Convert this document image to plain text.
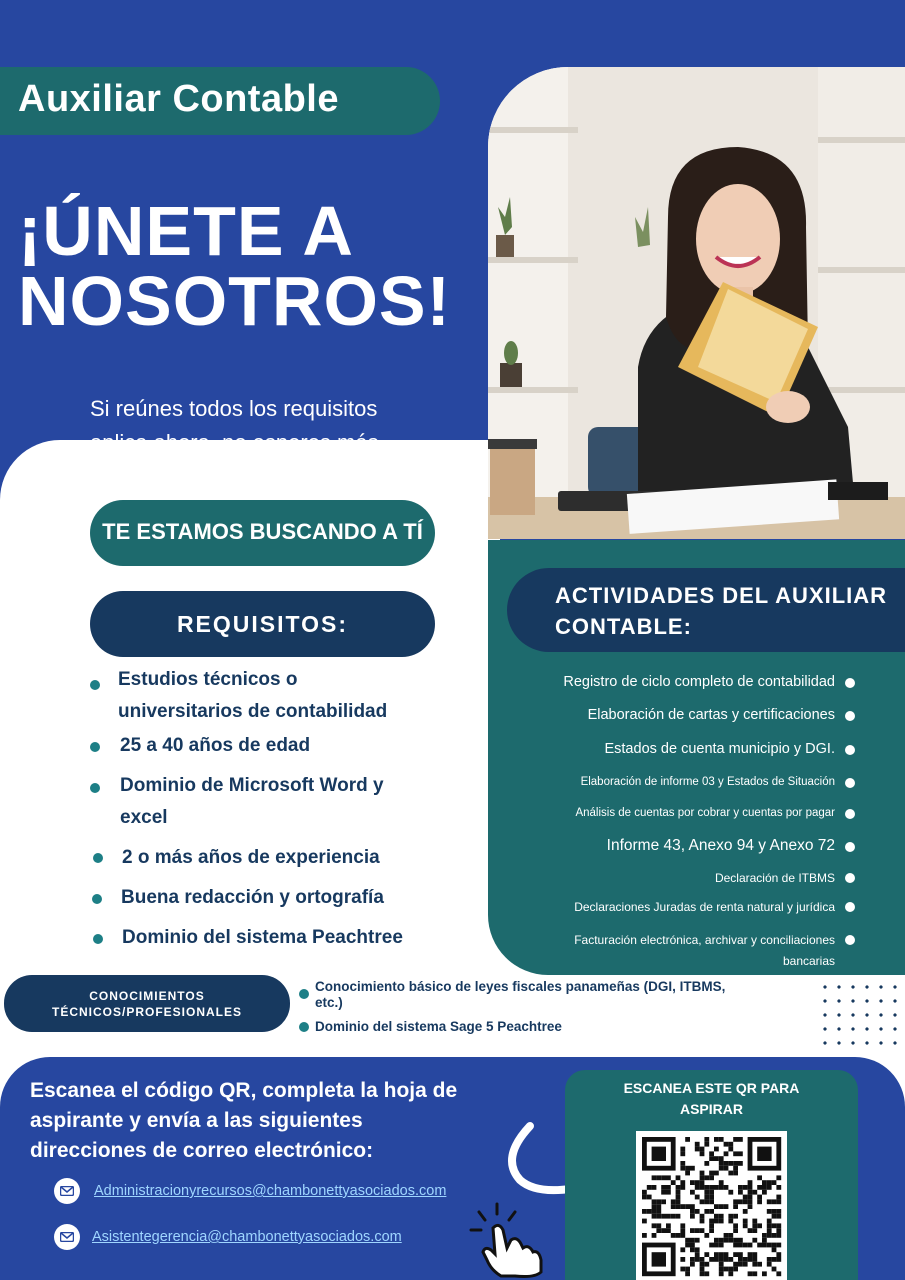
Auxiliar Contable
¡ÚNETE A
NOSOTROS!
Si reúnes todos los requisitos
aplica ahora, no esperes más.
TE ESTAMOS BUSCANDO A TÍ
ACTIVIDADES DEL AUXILIAR
CONTABLE:
Registro de ciclo completo de contabilidad
Elaboración de cartas y certificaciones
Estados de cuenta municipio y DGI.
Elaboración de informe 03 y Estados de Situación
Análisis de cuentas por cobrar y cuentas por pagar
Informe 43, Anexo 94 y Anexo 72
Declaración de ITBMS
Declaraciones Juradas de renta natural y jurídica
Facturación electrónica, archivar y conciliaciones
bancarias
REQUISITOS:
Estudios técnicos o
universitarios de contabilidad
25 a 40 años de edad
Dominio de Microsoft Word y
excel
2 o más años de experiencia
Buena redacción y ortografía
Dominio del sistema Peachtree
CONOCIMIENTOS
TÉCNICOS/PROFESIONALES
Conocimiento básico de leyes fiscales panameñas (DGI, ITBMS,
etc.)
Dominio del sistema Sage 5 Peachtree
Escanea el código QR, completa la hoja de
aspirante y envía a las siguientes
direcciones de correo electrónico:
Administracionyrecursos@chambonettyasociados.com
Asistentegerencia@chambonettyasociados.com
ESCANEA ESTE QR PARA
ASPIRAR
